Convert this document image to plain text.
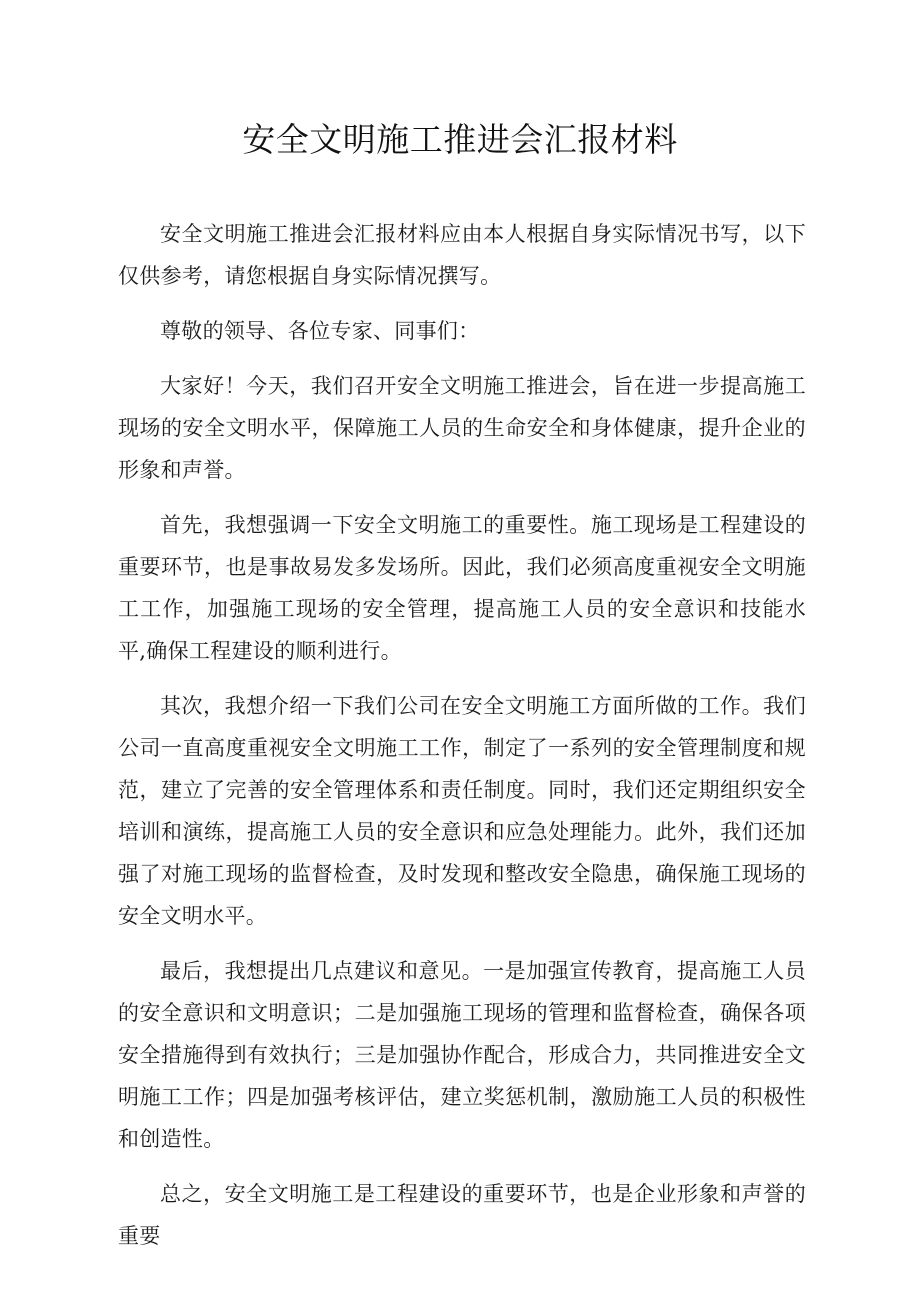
安全文明施工推进会汇报材料

安全文明施工推进会汇报材料应由本人根据自身实际情况书写，以下仅供参考，请您根据自身实际情况撰写。

尊敬的领导、各位专家、同事们：

大家好！今天，我们召开安全文明施工推进会，旨在进一步提高施工现场的安全文明水平，保障施工人员的生命安全和身体健康，提升企业的形象和声誉。

首先，我想强调一下安全文明施工的重要性。施工现场是工程建设的重要环节，也是事故易发多发场所。因此，我们必须高度重视安全文明施工工作，加强施工现场的安全管理，提高施工人员的安全意识和技能水平,确保工程建设的顺利进行。

其次，我想介绍一下我们公司在安全文明施工方面所做的工作。我们公司一直高度重视安全文明施工工作，制定了一系列的安全管理制度和规范，建立了完善的安全管理体系和责任制度。同时，我们还定期组织安全培训和演练，提高施工人员的安全意识和应急处理能力。此外，我们还加强了对施工现场的监督检查，及时发现和整改安全隐患，确保施工现场的安全文明水平。

最后，我想提出几点建议和意见。一是加强宣传教育，提高施工人员的安全意识和文明意识；二是加强施工现场的管理和监督检查，确保各项安全措施得到有效执行；三是加强协作配合，形成合力，共同推进安全文明施工工作；四是加强考核评估，建立奖惩机制，激励施工人员的积极性和创造性。

总之，安全文明施工是工程建设的重要环节，也是企业形象和声誉的重要
